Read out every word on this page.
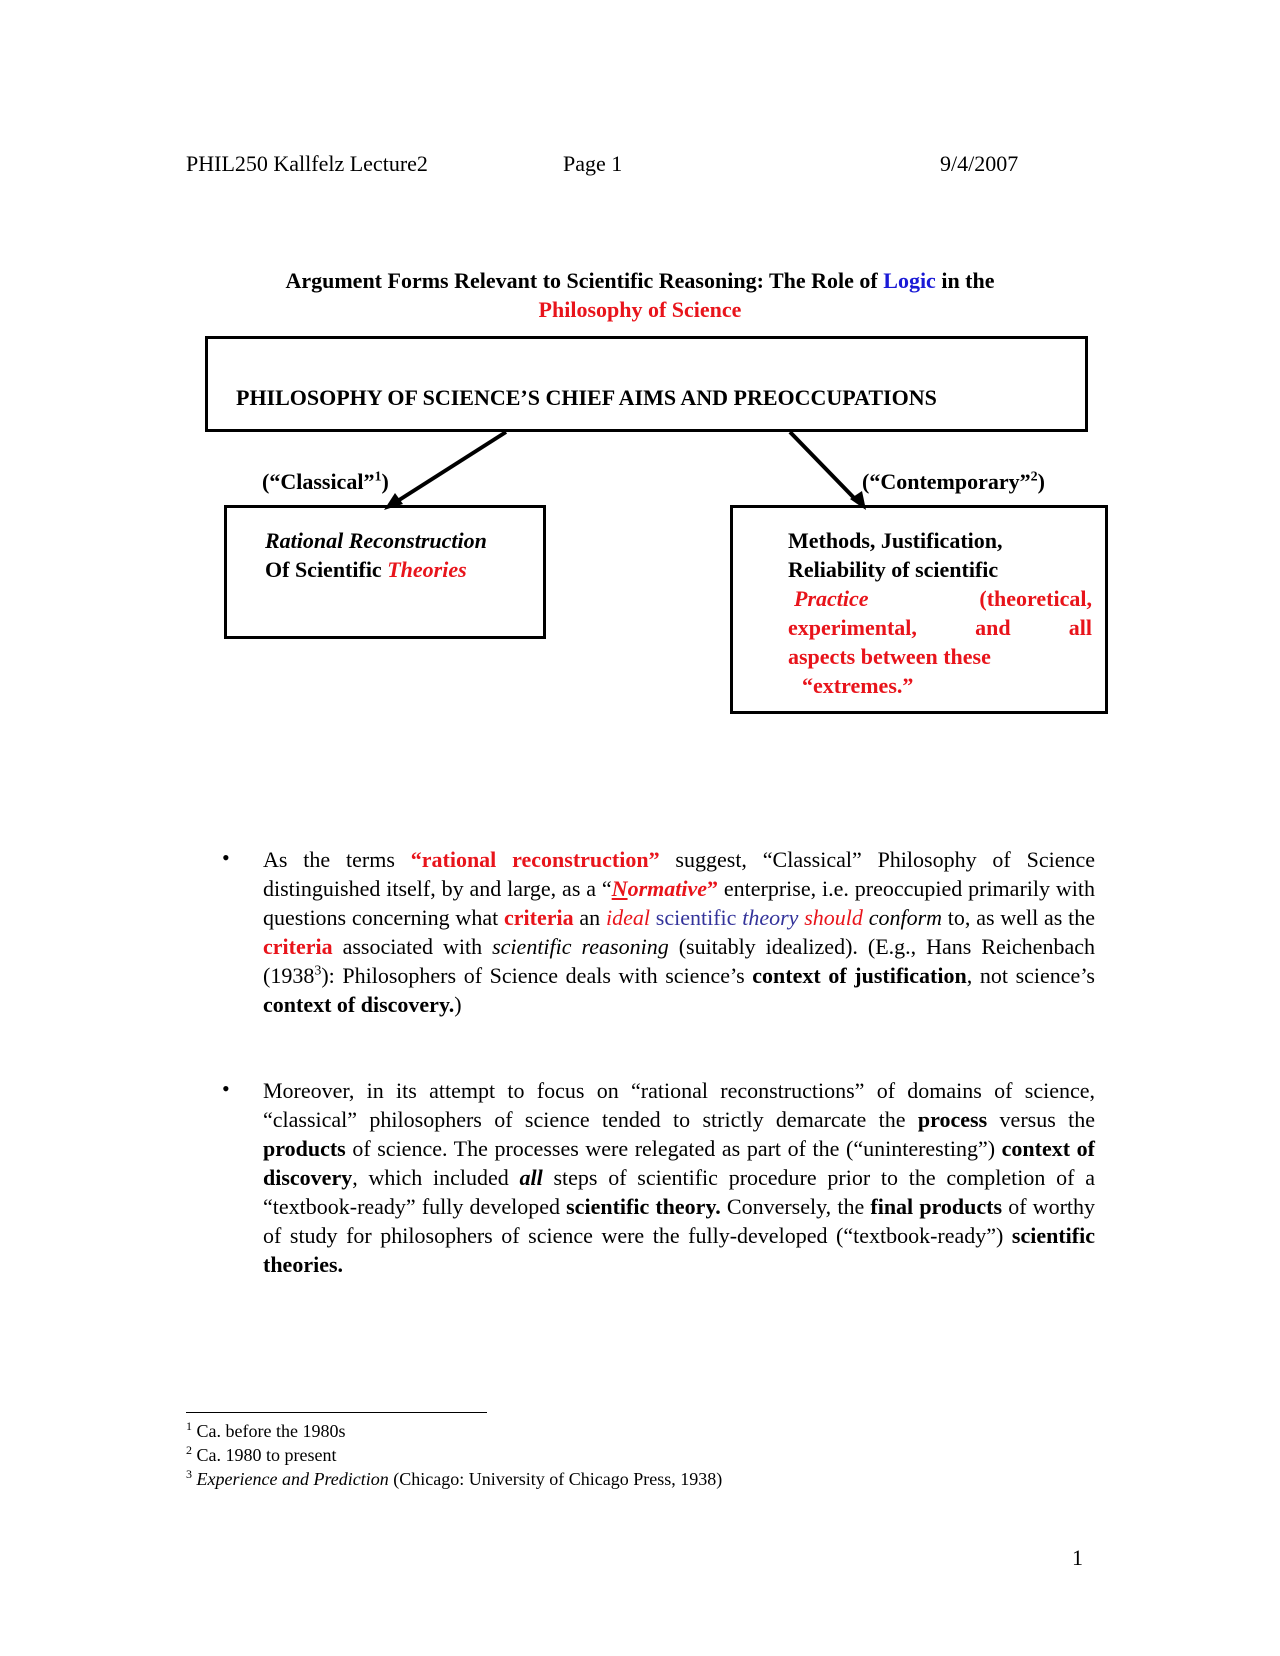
PHIL250 Kallfelz Lecture2	Page 1	9/4/2007
Argument Forms Relevant to Scientific Reasoning: The Role of Logic in the
Philosophy of Science
PHILOSOPHY OF SCIENCE’S CHIEF AIMS AND PREOCCUPATIONS
(“Classical”$^1$)	(“Contemporary”$^2$)
Rational Reconstruction
Of Scientific Theories
Methods, Justification,
Reliability of scientific
Practice	(theoretical,
experimental,	and	all
aspects between these
“extremes.”
• As the terms “rational reconstruction” suggest, “Classical” Philosophy of Science distinguished itself, by and large, as a “Normative” enterprise, i.e. preoccupied primarily with questions concerning what criteria an ideal scientific theory should conform to, as well as the criteria associated with scientific reasoning (suitably idealized). (E.g., Hans Reichenbach (1938$^3$): Philosophers of Science deals with science’s context of justification, not science’s context of discovery.)
• Moreover, in its attempt to focus on “rational reconstructions” of domains of science, “classical” philosophers of science tended to strictly demarcate the process versus the products of science. The processes were relegated as part of the (“uninteresting”) context of discovery, which included all steps of scientific procedure prior to the completion of a “textbook-ready” fully developed scientific theory. Conversely, the final products of worthy of study for philosophers of science were the fully-developed (“textbook-ready”) scientific theories.
$^1$ Ca. before the 1980s
$^2$ Ca. 1980 to present
$^3$ Experience and Prediction (Chicago: University of Chicago Press, 1938)
1
